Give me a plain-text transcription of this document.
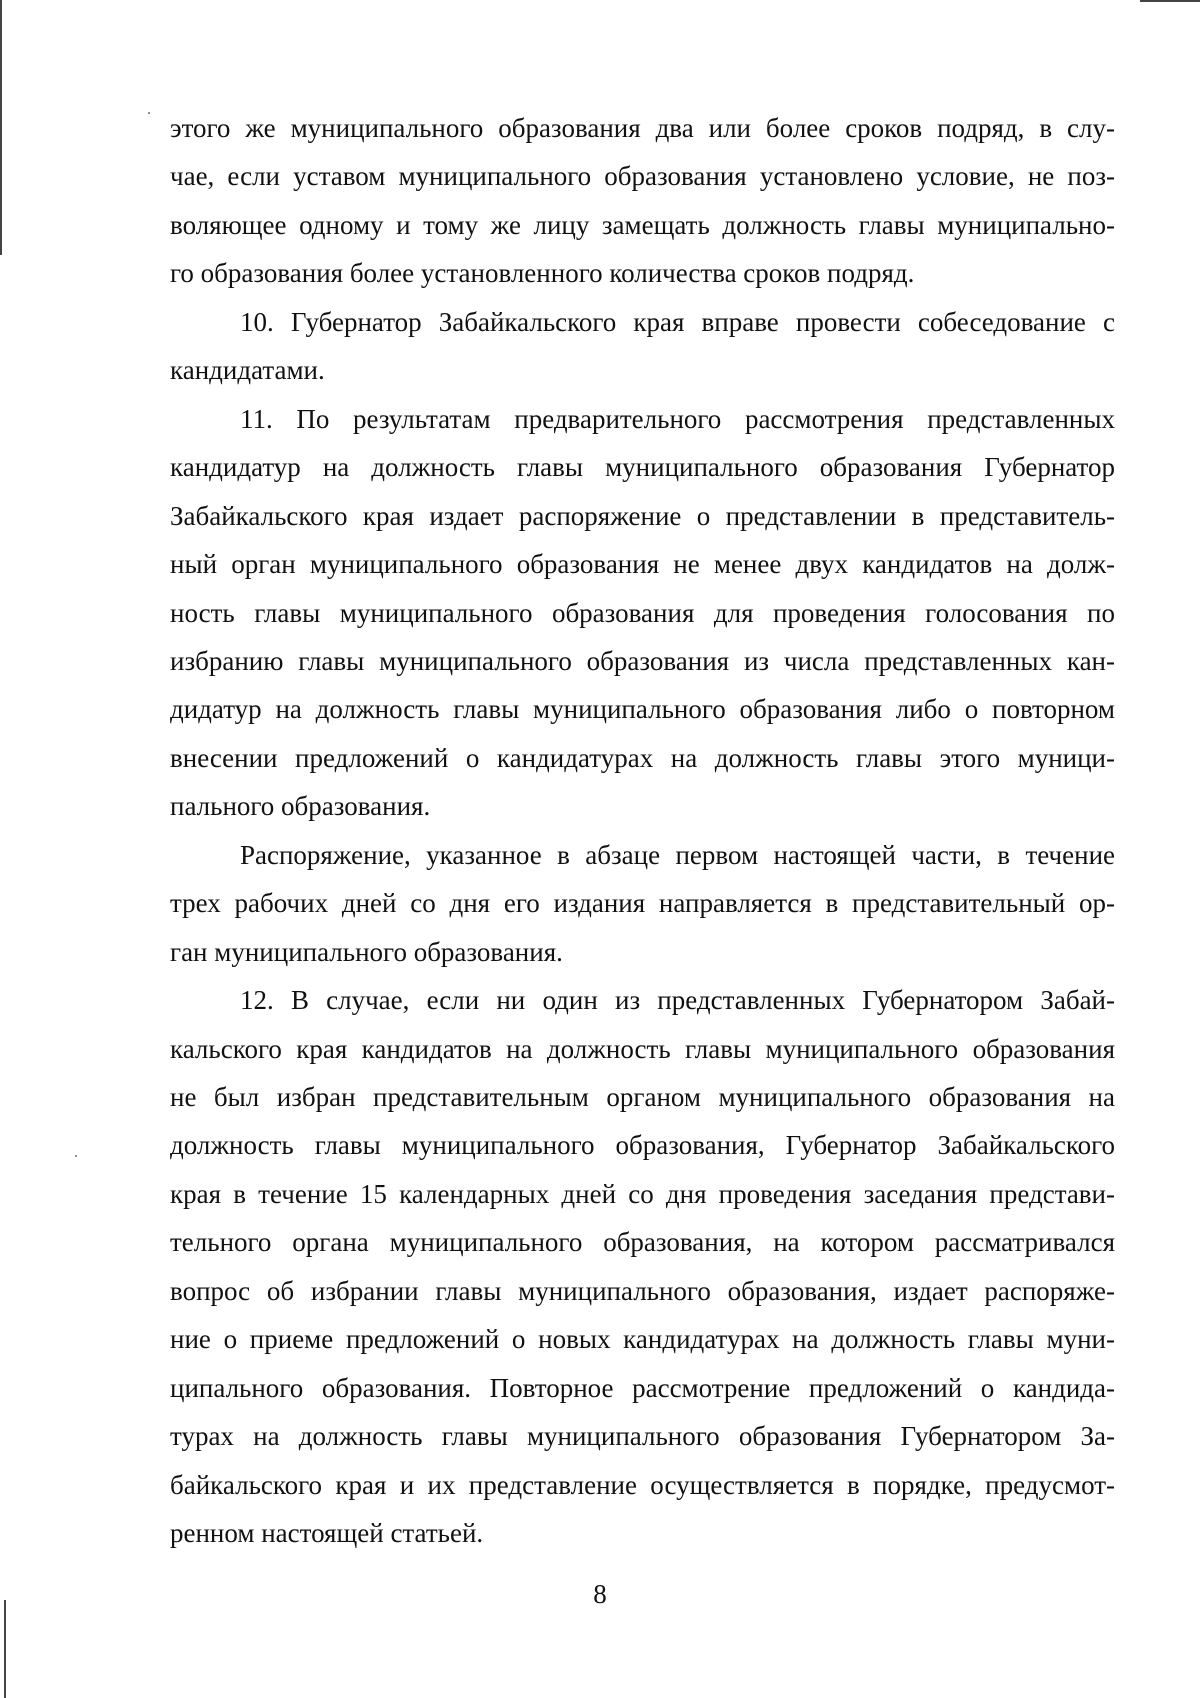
этого же муниципального образования два или более сроков подряд, в слу-
чае, если уставом муниципального образования установлено условие, не поз-
воляющее одному и тому же лицу замещать должность главы муниципально-
го образования более установленного количества сроков подряд.
10. Губернатор Забайкальского края вправе провести собеседование с
кандидатами.
11. По результатам предварительного рассмотрения представленных
кандидатур на должность главы муниципального образования Губернатор
Забайкальского края издает распоряжение о представлении в представитель-
ный орган муниципального образования не менее двух кандидатов на долж-
ность главы муниципального образования для проведения голосования по
избранию главы муниципального образования из числа представленных кан-
дидатур на должность главы муниципального образования либо о повторном
внесении предложений о кандидатурах на должность главы этого муници-
пального образования.
Распоряжение, указанное в абзаце первом настоящей части, в течение
трех рабочих дней со дня его издания направляется в представительный ор-
ган муниципального образования.
12. В случае, если ни один из представленных Губернатором Забай-
кальского края кандидатов на должность главы муниципального образования
не был избран представительным органом муниципального образования на
должность главы муниципального образования, Губернатор Забайкальского
края в течение 15 календарных дней со дня проведения заседания представи-
тельного органа муниципального образования, на котором рассматривался
вопрос об избрании главы муниципального образования, издает распоряже-
ние о приеме предложений о новых кандидатурах на должность главы муни-
ципального образования. Повторное рассмотрение предложений о кандида-
турах на должность главы муниципального образования Губернатором За-
байкальского края и их представление осуществляется в порядке, предусмот-
ренном настоящей статьей.
8
